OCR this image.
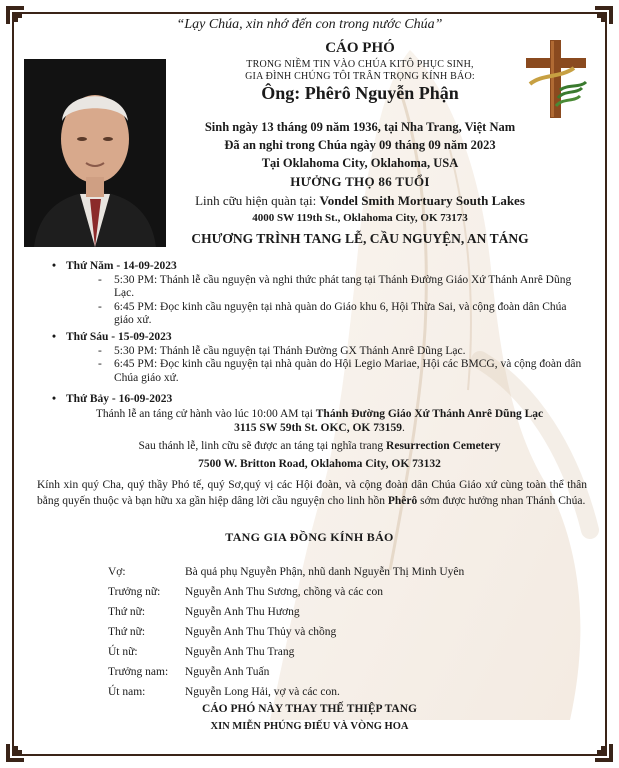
“Lạy Chúa, xin nhớ đến con trong nước Chúa”
CÁO PHÓ
TRONG NIỀM TIN VÀO CHÚA KITÔ PHỤC SINH,
GIA ĐÌNH CHÚNG TÔI TRÂN TRỌNG KÍNH BÁO:
Ông: Phêrô Nguyễn Phận
Sinh ngày 13 tháng 09 năm 1936, tại Nha Trang, Việt Nam
Đã an nghỉ trong Chúa ngày 09 tháng 09 năm 2023
Tại Oklahoma City, Oklahoma, USA
HƯỞNG THỌ 86 TUỔI
Linh cữu hiện quàn tại: Vondel Smith Mortuary South Lakes
4000 SW 119th St., Oklahoma City, OK 73173
CHƯƠNG TRÌNH TANG LỄ, CẦU NGUYỆN, AN TÁNG
• Thứ Năm - 14-09-2023
- 5:30 PM: Thánh lễ cầu nguyện và nghi thức phát tang tại Thánh Đường Giáo Xứ Thánh Anrê Dũng Lạc.
- 6:45 PM: Đọc kinh cầu nguyện tại nhà quàn do Giáo khu 6, Hội Thừa Sai, và cộng đoàn dân Chúa giáo xứ.
• Thứ Sáu - 15-09-2023
- 5:30 PM: Thánh lễ cầu nguyện tại Thánh Đường GX Thánh Anrê Dũng Lạc.
- 6:45 PM: Đọc kinh cầu nguyện tại nhà quàn do Hội Legio Mariae, Hội các BMCG, và cộng đoàn dân Chúa giáo xứ.
• Thứ Bảy - 16-09-2023
Thánh lễ an táng cử hành vào lúc 10:00 AM tại Thánh Đường Giáo Xứ Thánh Anrê Dũng Lạc
3115 SW 59th St. OKC, OK 73159.
Sau thánh lễ, linh cữu sẽ được an táng tại nghĩa trang Resurrection Cemetery
7500 W. Britton Road, Oklahoma City, OK 73132
Kính xin quý Cha, quý thầy Phó tế, quý Sơ,quý vị các Hội đoàn, và cộng đoàn dân Chúa Giáo xứ cùng toàn thể thân bằng quyến thuộc và bạn hữu xa gần hiệp dâng lời cầu nguyện cho linh hồn Phêrô sớm được hưởng nhan Thánh Chúa.
TANG GIA ĐỒNG KÍNH BÁO
Vợ:	Bà quả phụ Nguyễn Phận, nhũ danh Nguyễn Thị Minh Uyên
Trưởng nữ:	Nguyễn Anh Thu Sương, chồng và các con
Thứ nữ:	Nguyễn Anh Thu Hương
Thứ nữ:	Nguyễn Anh Thu Thủy và chồng
Út nữ:	Nguyễn Anh Thu Trang
Trưởng nam:	Nguyễn Anh Tuấn
Út nam:	Nguyễn Long Hải, vợ và các con.
CÁO PHÓ NÀY THAY THẾ THIỆP TANG
XIN MIỄN PHÚNG ĐIẾU VÀ VÒNG HOA
